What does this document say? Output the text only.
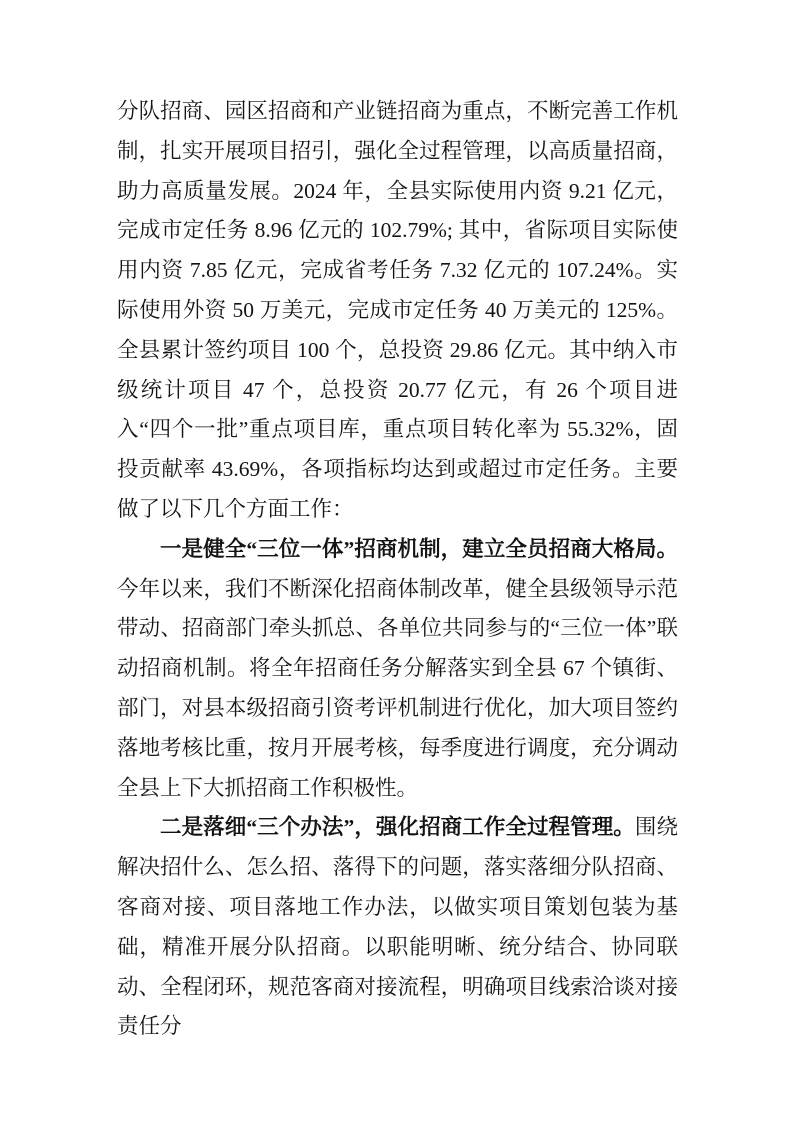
分队招商、园区招商和产业链招商为重点，不断完善工作机制，扎实开展项目招引，强化全过程管理，以高质量招商，助力高质量发展。2024 年，全县实际使用内资 9.21 亿元，完成市定任务 8.96 亿元的 102.79%; 其中，省际项目实际使用内资 7.85 亿元，完成省考任务 7.32 亿元的 107.24%。实际使用外资 50 万美元，完成市定任务 40 万美元的 125%。全县累计签约项目 100 个，总投资 29.86 亿元。其中纳入市级统计项目 47 个，总投资 20.77 亿元，有 26 个项目进入“四个一批”重点项目库，重点项目转化率为 55.32%，固投贡献率 43.69%，各项指标均达到或超过市定任务。主要做了以下几个方面工作：

一是健全“三位一体”招商机制，建立全员招商大格局。今年以来，我们不断深化招商体制改革，健全县级领导示范带动、招商部门牵头抓总、各单位共同参与的“三位一体”联动招商机制。将全年招商任务分解落实到全县 67 个镇街、部门，对县本级招商引资考评机制进行优化，加大项目签约落地考核比重，按月开展考核，每季度进行调度，充分调动全县上下大抓招商工作积极性。

二是落细“三个办法”，强化招商工作全过程管理。围绕解决招什么、怎么招、落得下的问题，落实落细分队招商、客商对接、项目落地工作办法，以做实项目策划包装为基础，精准开展分队招商。以职能明晰、统分结合、协同联动、全程闭环，规范客商对接流程，明确项目线索洽谈对接责任分
